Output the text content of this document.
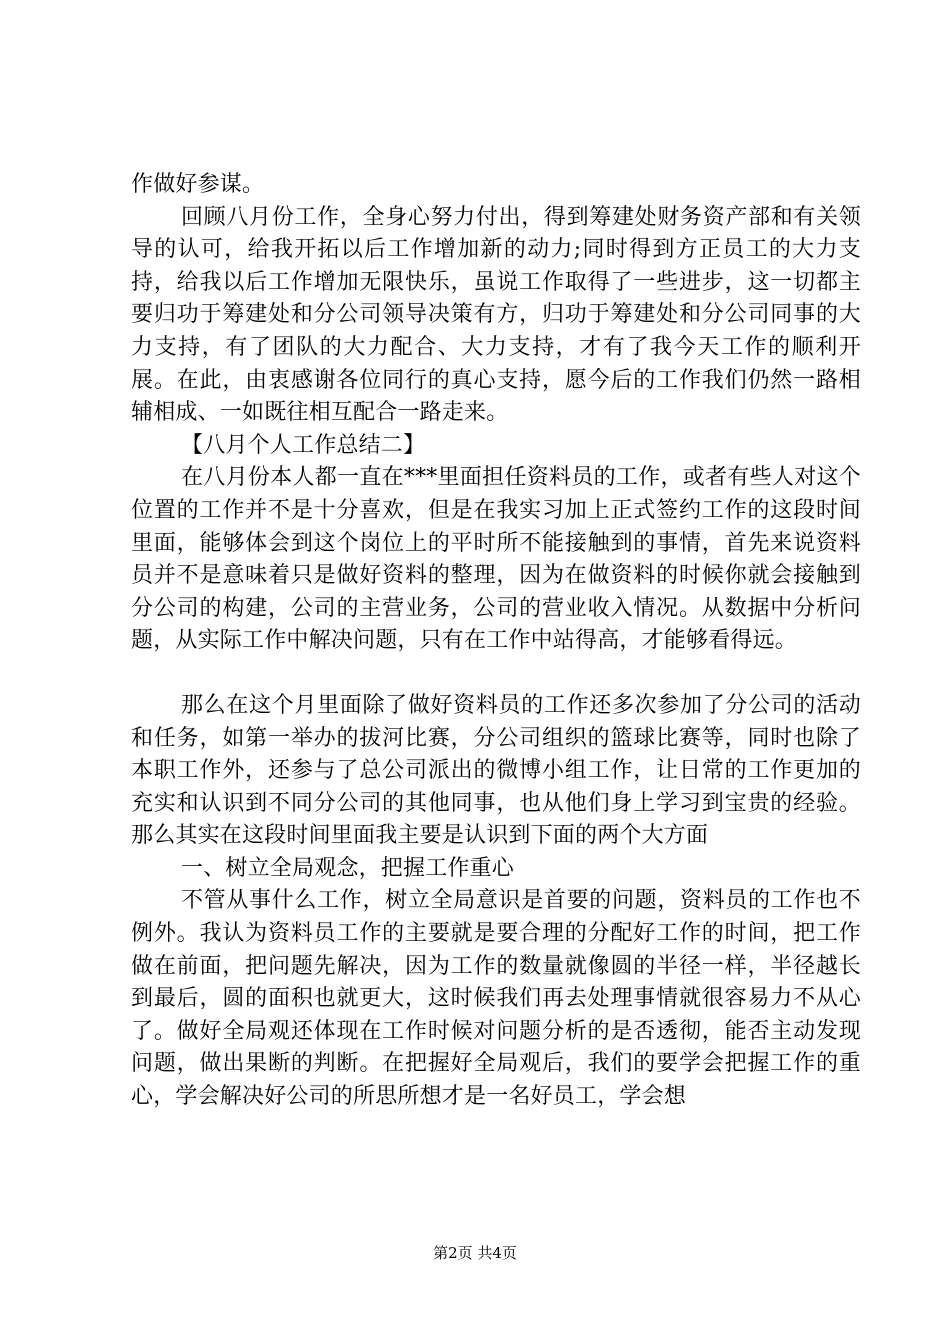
作做好参谋。

回顾八月份工作，全身心努力付出，得到筹建处财务资产部和有关领导的认可，给我开拓以后工作增加新的动力;同时得到方正员工的大力支持，给我以后工作增加无限快乐，虽说工作取得了一些进步，这一切都主要归功于筹建处和分公司领导决策有方，归功于筹建处和分公司同事的大力支持，有了团队的大力配合、大力支持，才有了我今天工作的顺利开展。在此，由衷感谢各位同行的真心支持，愿今后的工作我们仍然一路相辅相成、一如既往相互配合一路走来。

【八月个人工作总结二】

在八月份本人都一直在***里面担任资料员的工作，或者有些人对这个位置的工作并不是十分喜欢，但是在我实习加上正式签约工作的这段时间里面，能够体会到这个岗位上的平时所不能接触到的事情，首先来说资料员并不是意味着只是做好资料的整理，因为在做资料的时候你就会接触到分公司的构建，公司的主营业务，公司的营业收入情况。从数据中分析问题，从实际工作中解决问题，只有在工作中站得高，才能够看得远。

那么在这个月里面除了做好资料员的工作还多次参加了分公司的活动和任务，如第一举办的拔河比赛，分公司组织的篮球比赛等，同时也除了本职工作外，还参与了总公司派出的微博小组工作，让日常的工作更加的充实和认识到不同分公司的其他同事，也从他们身上学习到宝贵的经验。那么其实在这段时间里面我主要是认识到下面的两个大方面

一、树立全局观念，把握工作重心

不管从事什么工作，树立全局意识是首要的问题，资料员的工作也不例外。我认为资料员工作的主要就是要合理的分配好工作的时间，把工作做在前面，把问题先解决，因为工作的数量就像圆的半径一样，半径越长到最后，圆的面积也就更大，这时候我们再去处理事情就很容易力不从心了。做好全局观还体现在工作时候对问题分析的是否透彻，能否主动发现问题，做出果断的判断。在把握好全局观后，我们的要学会把握工作的重心，学会解决好公司的所思所想才是一名好员工，学会想

第2页 共4页
